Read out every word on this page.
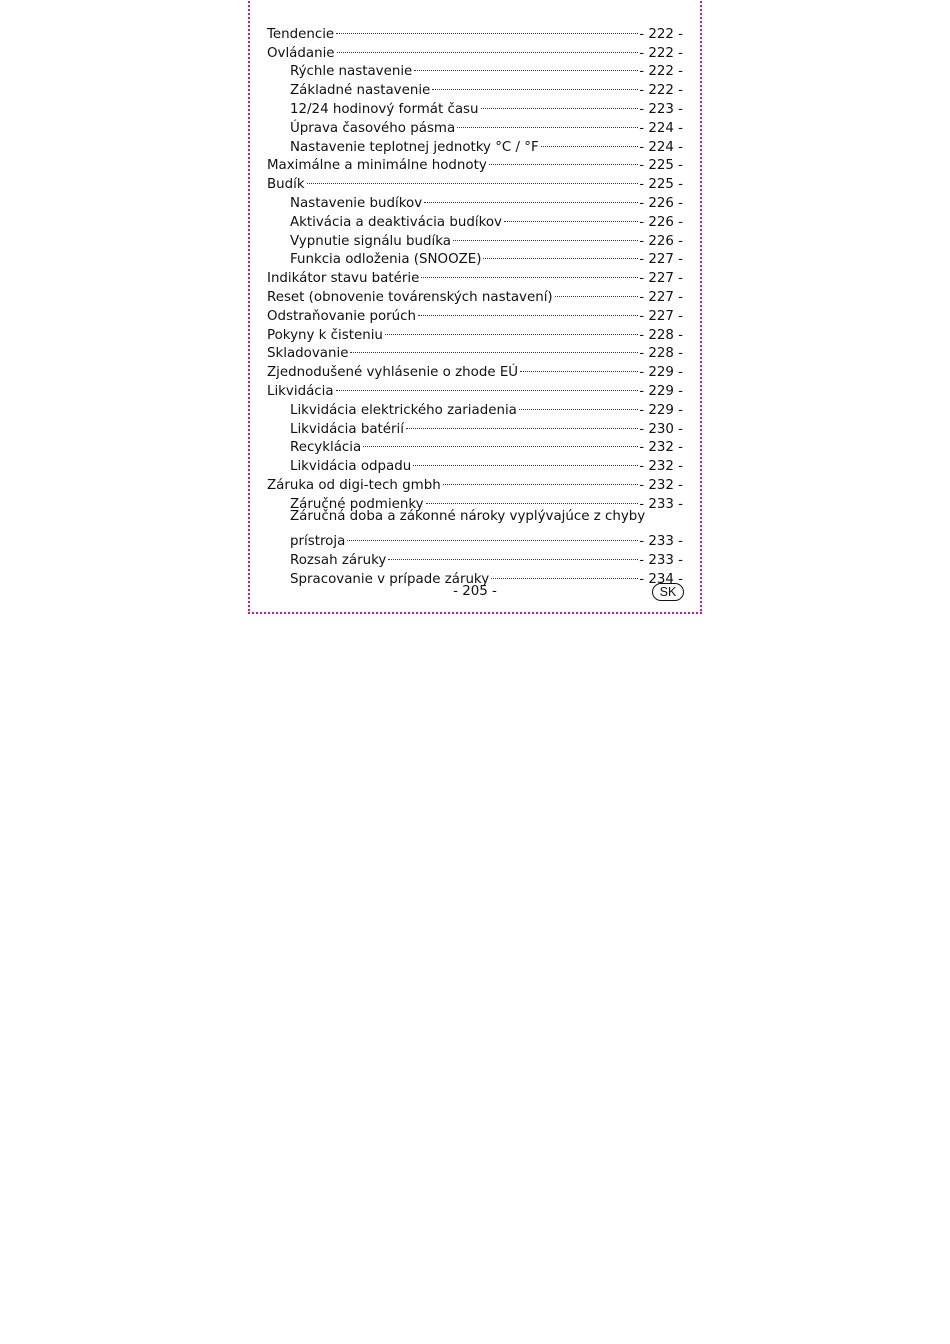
Tendencie	- 222 -
Ovládanie	- 222 -
Rýchle nastavenie	- 222 -
Základné nastavenie	- 222 -
12/24 hodinový formát času	- 223 -
Úprava časového pásma	- 224 -
Nastavenie teplotnej jednotky °C / °F	- 224 -
Maximálne a minimálne hodnoty	- 225 -
Budík	- 225 -
Nastavenie budíkov	- 226 -
Aktivácia a deaktivácia budíkov	- 226 -
Vypnutie signálu budíka	- 226 -
Funkcia odloženia (SNOOZE)	- 227 -
Indikátor stavu batérie	- 227 -
Reset (obnovenie továrenských nastavení)	- 227 -
Odstraňovanie porúch	- 227 -
Pokyny k čisteniu	- 228 -
Skladovanie	- 228 -
Zjednodušené vyhlásenie o zhode EÚ	- 229 -
Likvidácia	- 229 -
Likvidácia elektrického zariadenia	- 229 -
Likvidácia batérií	- 230 -
Recyklácia	- 232 -
Likvidácia odpadu	- 232 -
Záruka od digi-tech gmbh	- 232 -
Záručné podmienky	- 233 -
Záručná doba a zákonné nároky vyplývajúce z chyby
prístroja	- 233 -
Rozsah záruky	- 233 -
Spracovanie v prípade záruky	- 234 -
- 205 -	SK
